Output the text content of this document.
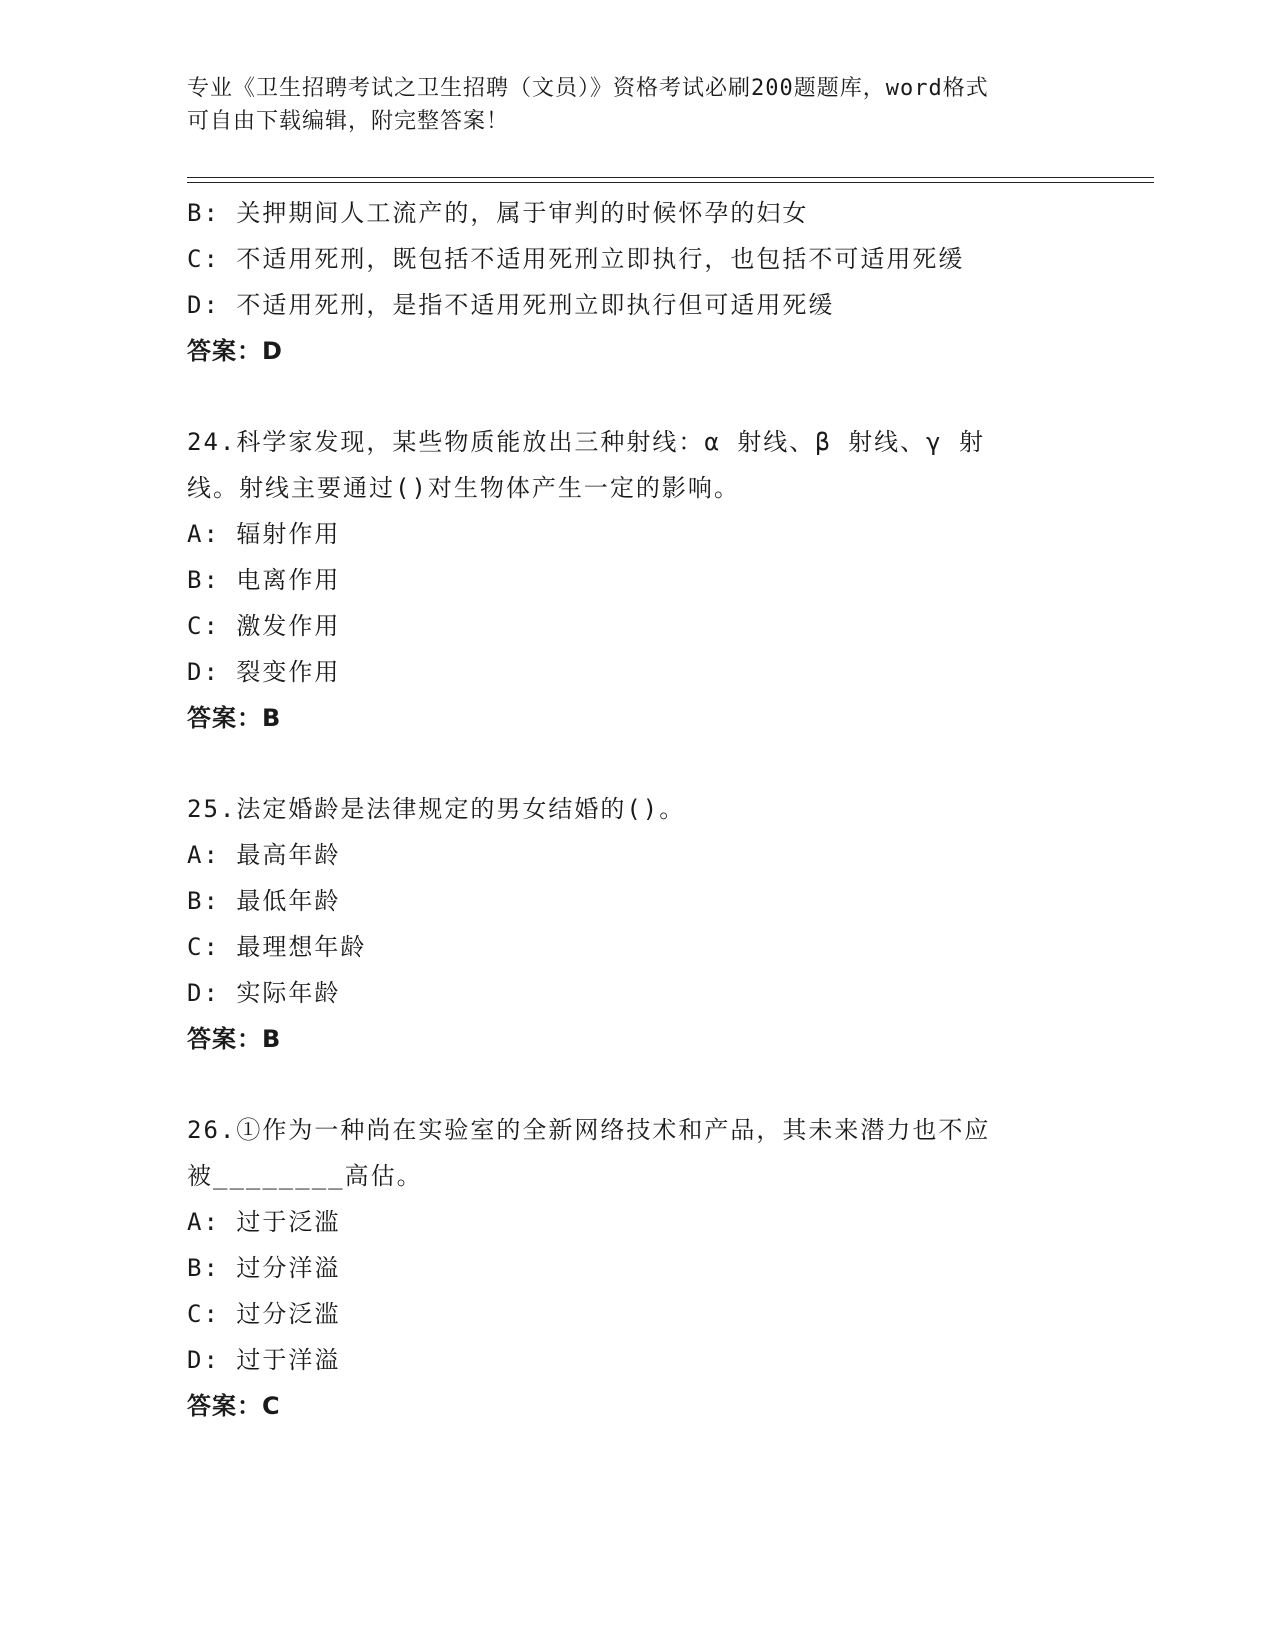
专业《卫生招聘考试之卫生招聘（文员）》资格考试必刷200题题库，word格式
可自由下载编辑，附完整答案！
B: 关押期间人工流产的，属于审判的时候怀孕的妇女
C: 不适用死刑，既包括不适用死刑立即执行，也包括不可适用死缓
D: 不适用死刑，是指不适用死刑立即执行但可适用死缓
答案：D
24.科学家发现，某些物质能放出三种射线：α 射线、β 射线、γ 射
线。射线主要通过()对生物体产生一定的影响。
A: 辐射作用
B: 电离作用
C: 激发作用
D: 裂变作用
答案：B
25.法定婚龄是法律规定的男女结婚的()。
A: 最高年龄
B: 最低年龄
C: 最理想年龄
D: 实际年龄
答案：B
26.①作为一种尚在实验室的全新网络技术和产品，其未来潜力也不应
被________高估。
A: 过于泛滥
B: 过分洋溢
C: 过分泛滥
D: 过于洋溢
答案：C
